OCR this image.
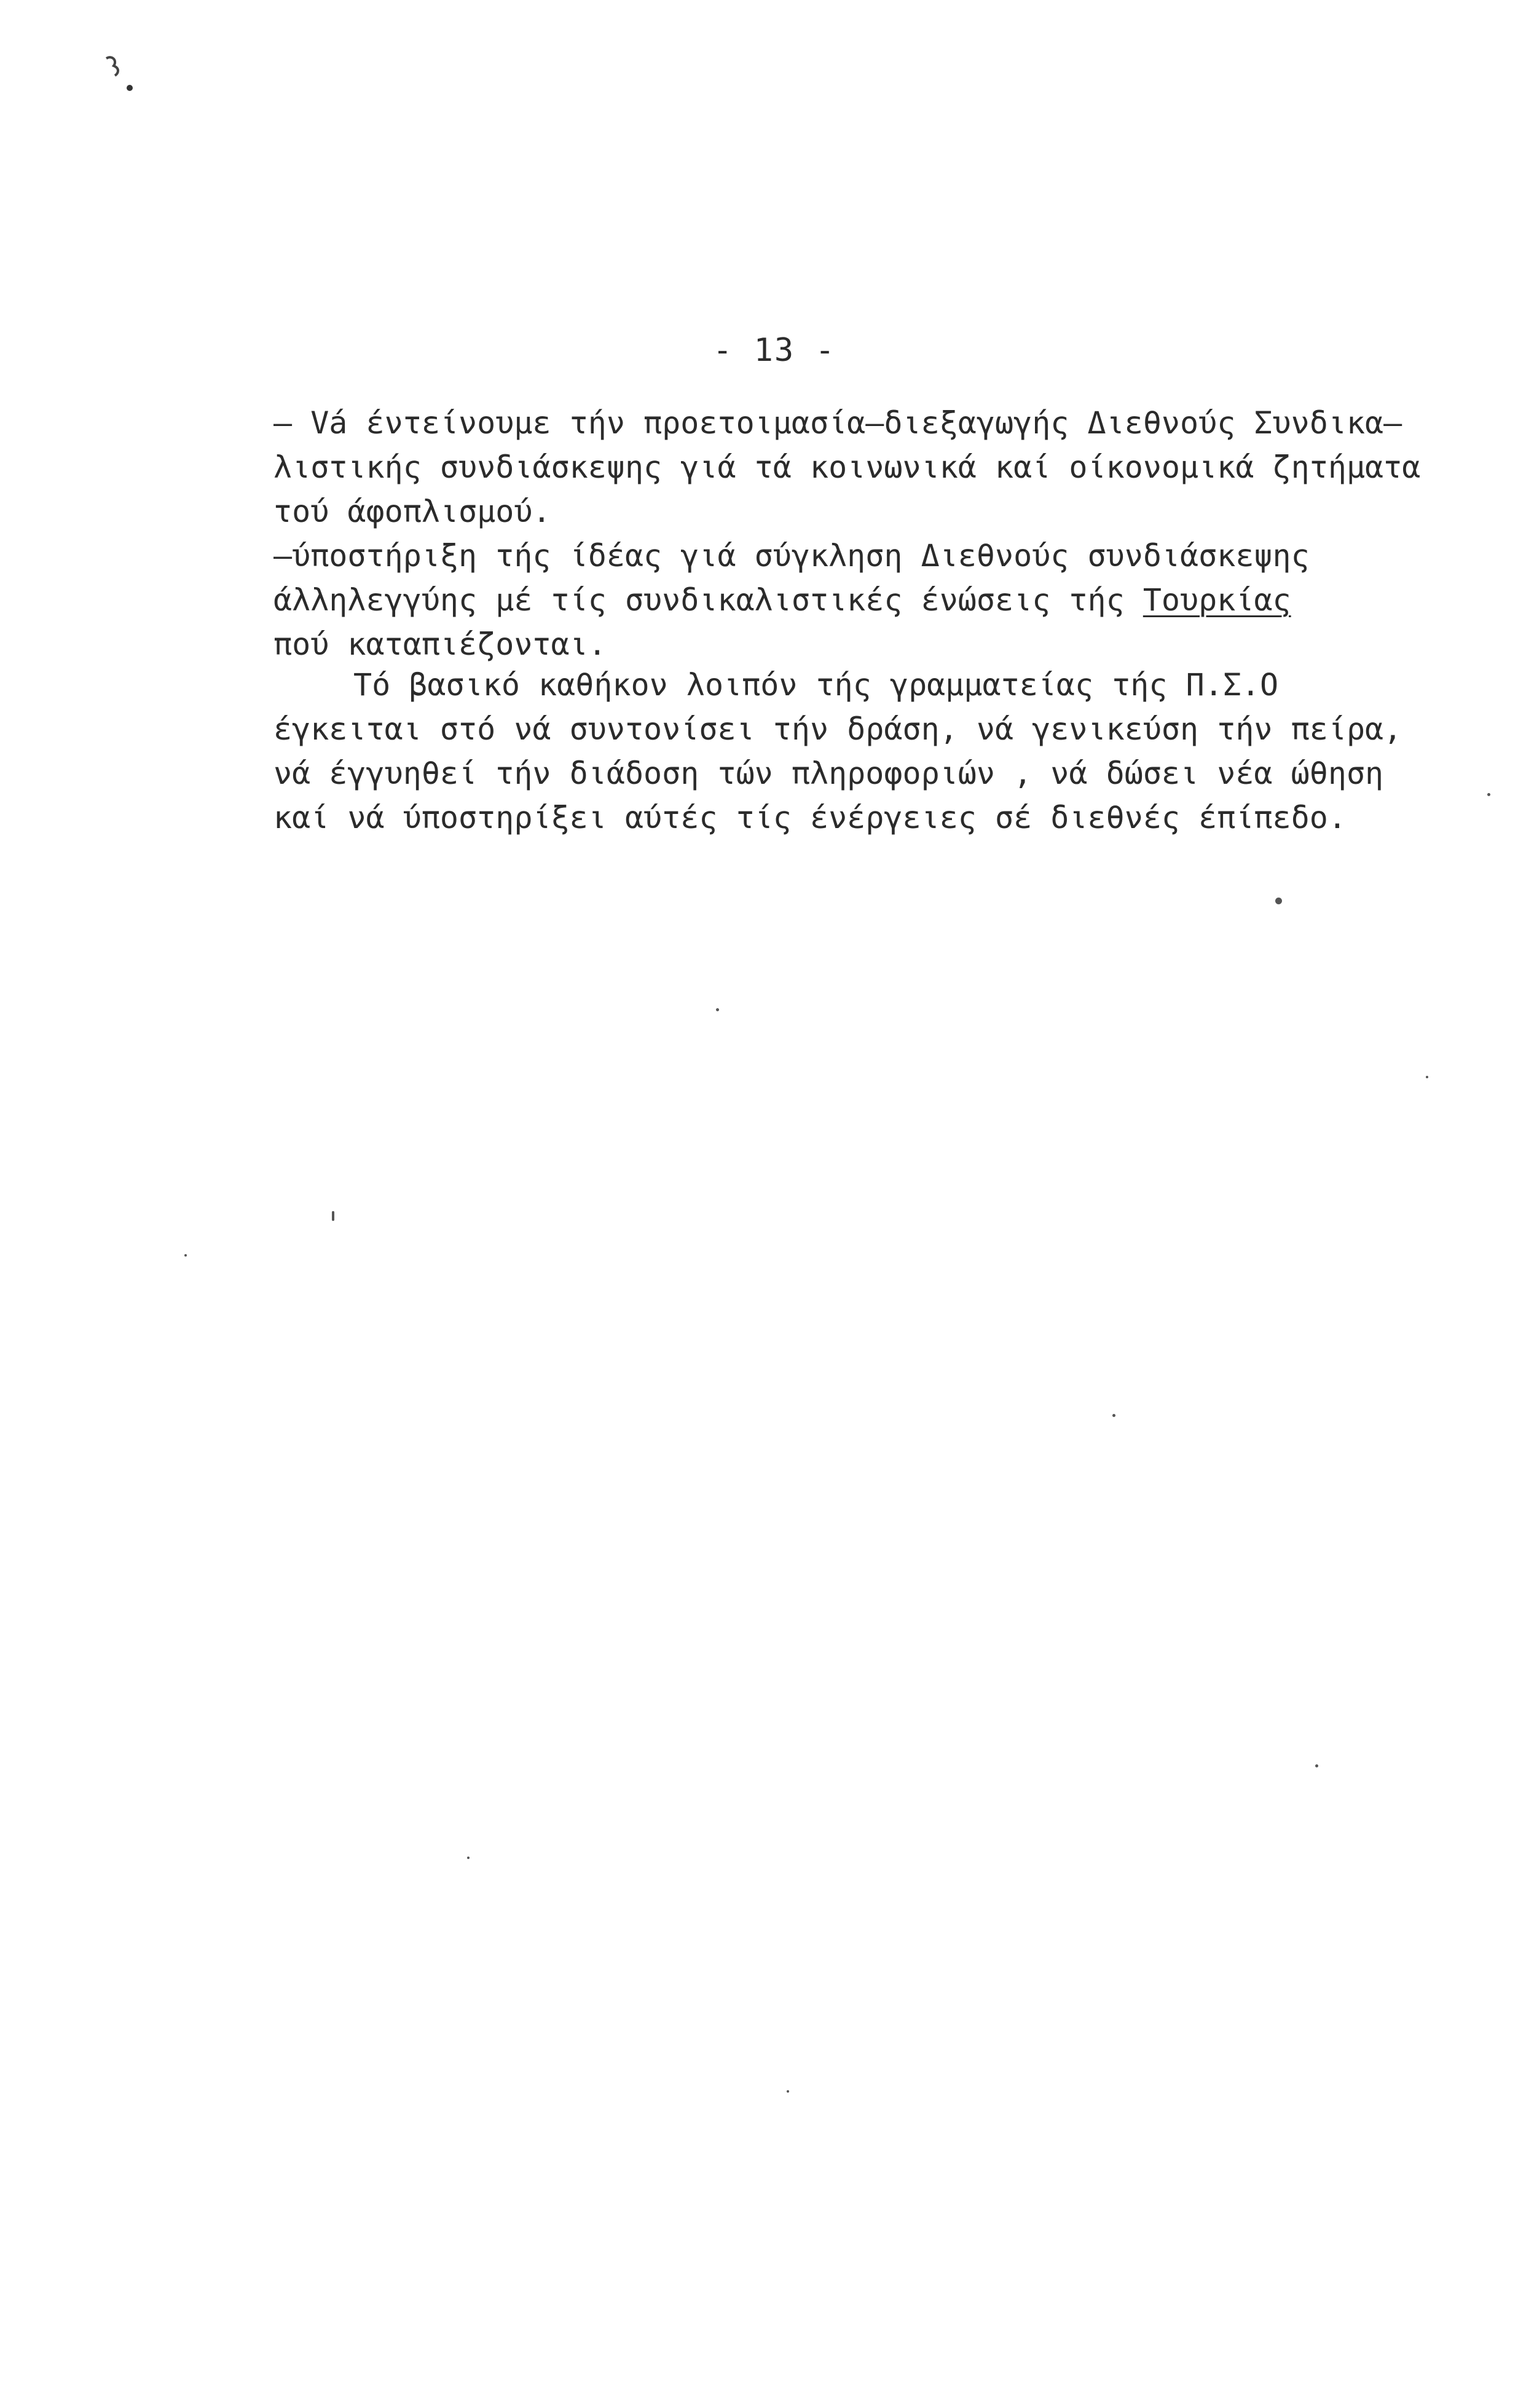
- 13 -

– Vá έντείνουμε τήν προετοιμασία–διεξαγωγής Διεθνούς Συνδικα–
λιστικής συνδιάσκεψης γιά τά κοινωνικά καί οίκονομικά ζητήματα
τού άφοπλισμού.

–ύποστήριξη τής ίδέας γιά σύγκληση Διεθνούς συνδιάσκεψης
άλληλεγγύης μέ τίς συνδικαλιστικές ένώσεις τής Τουρκίας
πού καταπιέζονται.

Τό βασικό καθήκον λοιπόν τής γραμματείας τής Π.Σ.Ο
έγκειται στό νά συντονίσει τήν δράση, νά γενικεύση τήν πείρα,
νά έγγυηθεί τήν διάδοση τών πληροφοριών , νά δώσει νέα ώθηση
καί νά ύποστηρίξει αύτές τίς ένέργειες σέ διεθνές έπίπεδο.
